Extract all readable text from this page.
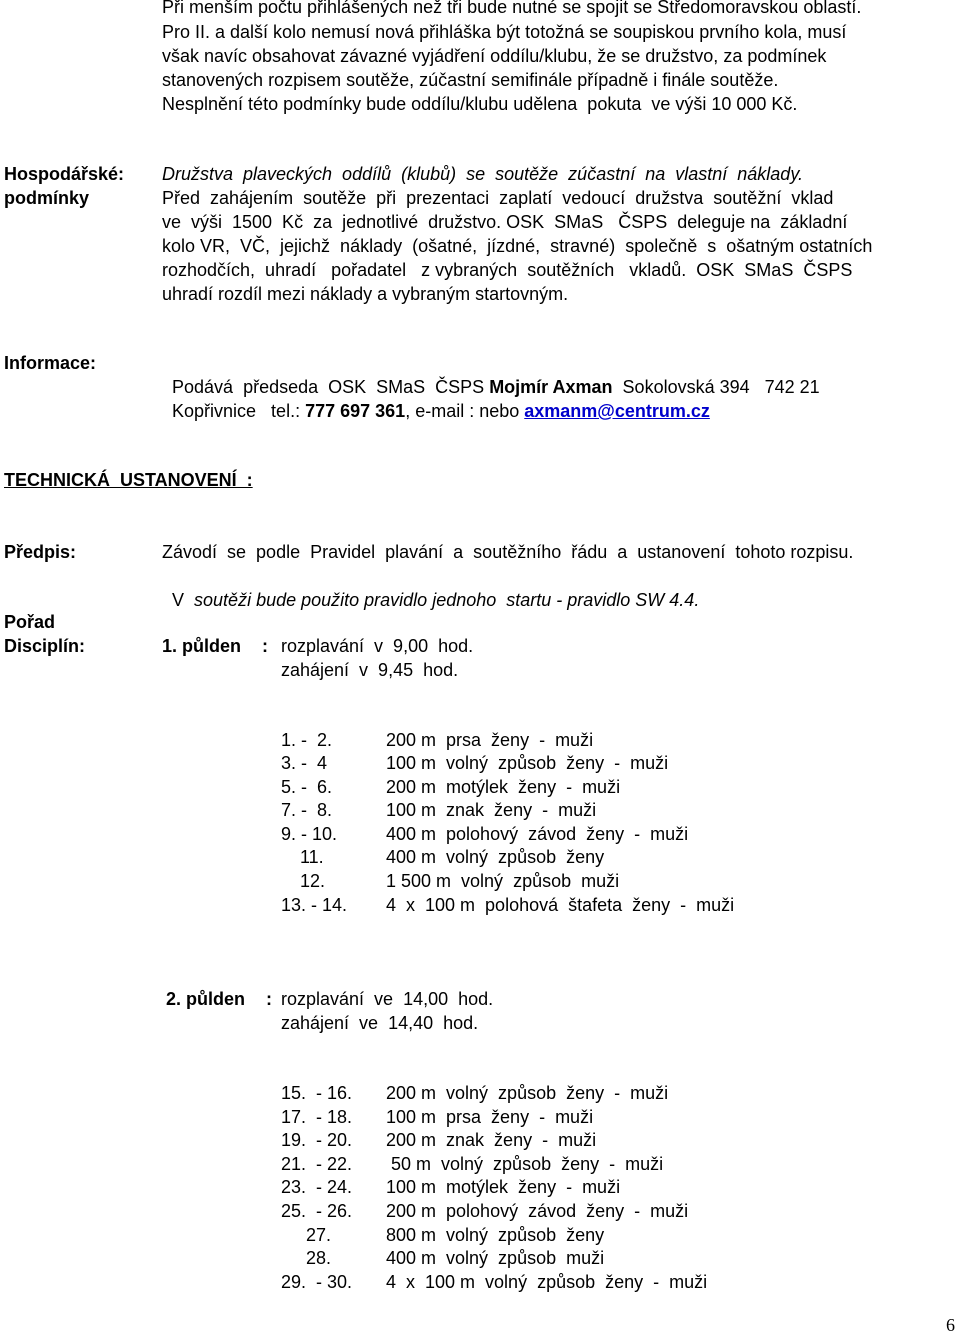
Při menším počtu přihlášených než tři bude nutné se spojit se Středomoravskou oblastí.
Pro II. a další kolo nemusí nová přihláška být totožná se soupiskou prvního kola, musí
však navíc obsahovat závazné vyjádření oddílu/klubu, že se družstvo, za podmínek
stanovených rozpisem soutěže, zúčastní semifinále případně i finále soutěže.
Nesplnění této podmínky bude oddílu/klubu udělena  pokuta  ve výši 10 000 Kč.
Hospodářské:
podmínky
Družstva  plaveckých  oddílů  (klubů)  se  soutěže  zúčastní  na  vlastní  náklady.
Před  zahájením  soutěže  při  prezentaci  zaplatí  vedoucí  družstva  soutěžní  vklad
ve  výši  1500  Kč  za  jednotlivé  družstvo. OSK  SMaS   ČSPS  deleguje na  základní
kolo VR,  VČ,  jejichž  náklady  (ošatné,  jízdné,  stravné)  společně  s  ošatným ostatních
rozhodčích,  uhradí   pořadatel   z vybraných  soutěžních   vkladů.  OSK  SMaS  ČSPS
uhradí rozdíl mezi náklady a vybraným startovným.
Informace:

Podává  předseda  OSK  SMaS  ČSPS Mojmír Axman  Sokolovská 394   742 21

Kopřivnice   tel.: 777 697 361, e-mail : nebo axmanm@centrum.cz

TECHNICKÁ  USTANOVENÍ  :
Předpis:	Závodí  se  podle  Pravidel  plavání  a  soutěžního  řádu  a  ustanovení  tohoto rozpisu.

V  soutěži bude použito pravidlo jednoho  startu - pravidlo SW 4.4.

Pořad
Disciplín:	1. půlden : rozplavání  v  9,00  hod.
zahájení  v  9,45  hod.
1. -  2.	200 m  prsa  ženy  -  muži
3. -  4	100 m  volný  způsob  ženy  -  muži
5. -  6.	200 m  motýlek  ženy  -  muži
7. -  8.	100 m  znak  ženy  -  muži
9. - 10.	400 m  polohový  závod  ženy  -  muži
11.	400 m  volný  způsob  ženy
12.	1 500 m  volný  způsob  muži
13. - 14. 4  x  100 m  polohová  štafeta  ženy  -  muži
2. půlden : rozplavání  ve  14,00  hod.
zahájení  ve  14,40  hod.
15.  - 16. 200 m  volný  způsob  ženy  -  muži
17.  - 18. 100 m  prsa  ženy  -  muži
19.  - 20. 200 m  znak  ženy  -  muži
21.  - 22. 50 m  volný  způsob  ženy  -  muži
23.  - 24. 100 m  motýlek  ženy  -  muži
25.  - 26. 200 m  polohový  závod  ženy  -  muži
27.	800 m  volný  způsob  ženy
28.	400 m  volný  způsob  muži
29.  - 30. 4  x  100 m  volný  způsob  ženy  -  muži
6
